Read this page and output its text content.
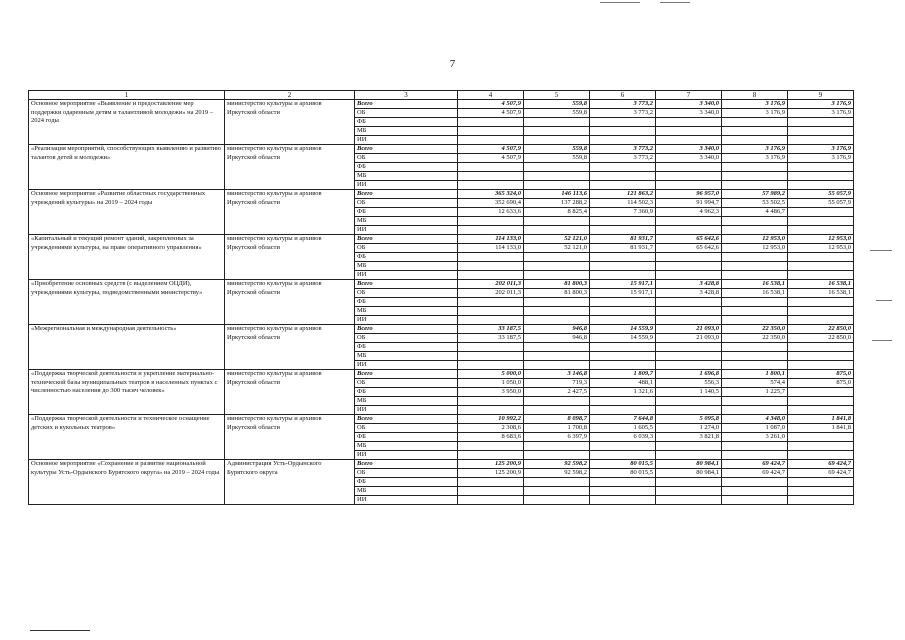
7
1	2	3	4	5	6	7	8	9
Основное мероприятие «Выявление и предоставление мер поддержки одаренным детям и талантливой молодежи» на 2019 – 2024 годы	министерство культуры и архивов Иркутской области	Всего	4 507,9	559,8	3 773,2	3 340,0	3 176,9	3 176,9
		ОБ	4 507,9	559,8	3 773,2	3 340,0	3 176,9	3 176,9
		ФБ						
		МБ						
		ИИ						
«Реализация мероприятий, способствующих выявлению и развитию талантов детей и молодежи»	министерство культуры и архивов Иркутской области	Всего	4 507,9	559,8	3 773,2	3 340,0	3 176,9	3 176,9
		ОБ	4 507,9	559,8	3 773,2	3 340,0	3 176,9	3 176,9
		ФБ						
		МБ						
		ИИ						
Основное мероприятие «Развитие областных государственных учреждений культуры» на 2019 – 2024 годы	министерство культуры и архивов Иркутской области	Всего	365 324,0	146 113,6	121 863,2	96 957,0	57 989,2	55 057,9
		ОБ	352 690,4	137 288,2	114 502,3	91 994,7	53 502,5	55 057,9
		ФБ	12 633,6	8 825,4	7 360,9	4 962,3	4 486,7	
		МБ						
		ИИ						
«Капитальный и текущий ремонт зданий, закрепленных за учреждениями культуры, на праве оперативного управления»	министерство культуры и архивов Иркутской области	Всего	114 133,0	52 121,0	81 931,7	65 642,6	12 953,0	12 953,0
		ОБ	114 133,0	52 121,0	81 931,7	65 642,6	12 953,0	12 953,0
		ФБ						
		МБ						
		ИИ						
«Приобретение основных средств (с выделением ОЦДИ), учреждениями культуры, подведомственными министерству»	министерство культуры и архивов Иркутской области	Всего	202 011,3	81 800,3	15 917,1	3 428,8	16 538,1	16 538,1
		ОБ	202 011,3	81 800,3	15 917,1	3 428,8	16 538,1	16 538,1
		ФБ						
		МБ						
		ИИ						
«Межрегиональная и международная деятельность»	министерство культуры и архивов Иркутской области	Всего	33 187,5	946,8	14 559,9	21 093,0	22 350,0	22 850,0
		ОБ	33 187,5	946,8	14 559,9	21 093,0	22 350,0	22 850,0
		ФБ						
		МБ						
		ИИ						
«Поддержка творческой деятельности и укрепление материально-технической базы муниципальных театров в населенных пунктах с численностью населения до 300 тысяч человек»	министерство культуры и архивов Иркутской области	Всего	5 000,0	3 146,8	1 809,7	1 696,8	1 800,1	875,0
		ОБ	1 050,0	719,3	488,1	556,3	574,4	875,0
		ФБ	3 950,0	2 427,5	1 321,6	1 140,5	1 225,7	
		МБ						
		ИИ						
«Поддержка творческой деятельности и техническое оснащение детских и кукольных театров»	министерство культуры и архивов Иркутской области	Всего	10 992,2	8 098,7	7 644,8	5 095,8	4 348,0	1 841,8
		ОБ	2 308,6	1 700,8	1 605,5	1 274,0	1 087,0	1 841,8
		ФБ	8 683,6	6 397,9	6 039,3	3 821,8	3 261,0	
		МБ						
		ИИ						
Основное мероприятие «Сохранение и развитие национальной культуры Усть-Ордынского Бурятского округа» на 2019 – 2024 годы	Администрация Усть-Ордынского Бурятского округа	Всего	125 200,9	92 598,2	80 015,5	80 984,1	69 424,7	69 424,7
		ОБ	125 200,9	92 598,2	80 015,5	80 984,1	69 424,7	69 424,7
		ФБ						
		МБ						
		ИИ						
